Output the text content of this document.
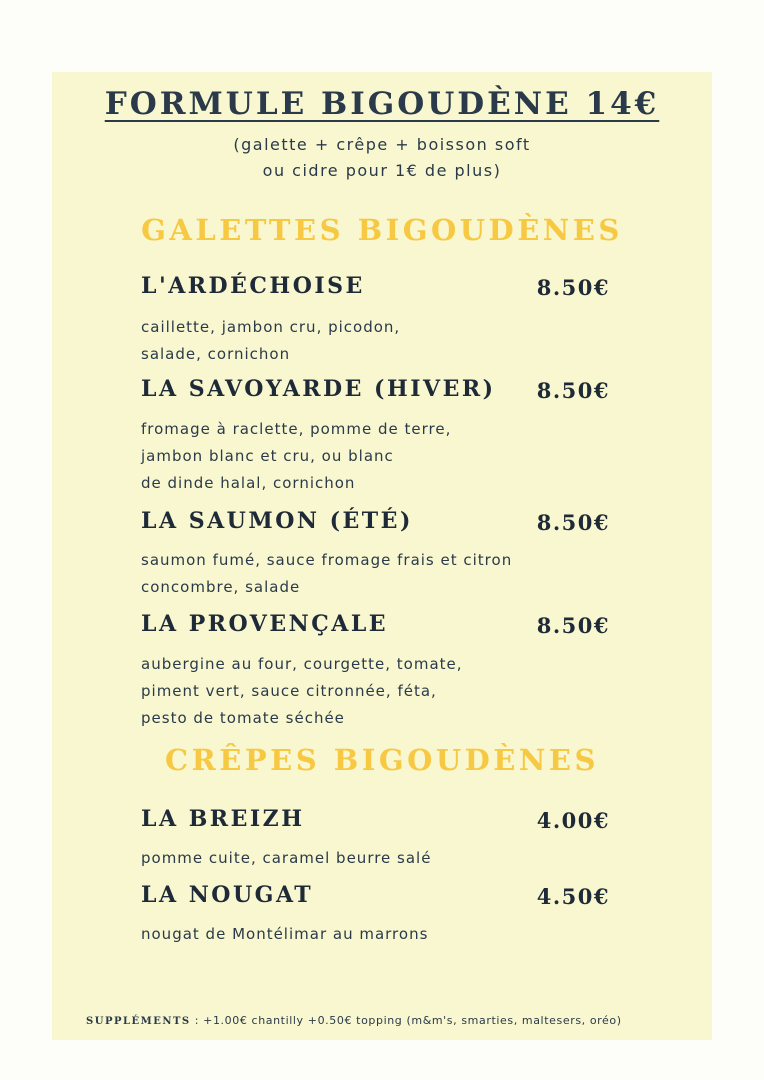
FORMULE BIGOUDÈNE 14€
(galette + crêpe + boisson soft
ou cidre pour 1€ de plus)
GALETTES BIGOUDÈNES
L'ARDÉCHOISE	8.50€
caillette, jambon cru, picodon,
salade, cornichon
LA SAVOYARDE (HIVER) 8.50€
fromage à raclette, pomme de terre,
jambon blanc et cru, ou blanc
de dinde halal, cornichon
LA SAUMON (ÉTÉ)	8.50€
saumon fumé, sauce fromage frais et citron
concombre, salade
LA PROVENÇALE	8.50€
aubergine au four, courgette, tomate,
piment vert, sauce citronnée, féta,
pesto de tomate séchée
CRÊPES BIGOUDÈNES
LA BREIZH	4.00€
pomme cuite, caramel beurre salé
LA NOUGAT	4.50€
nougat de Montélimar au marrons
SUPPLÉMENTS : +1.00€ chantilly +0.50€ topping (m&m's, smarties, maltesers, oréo)
